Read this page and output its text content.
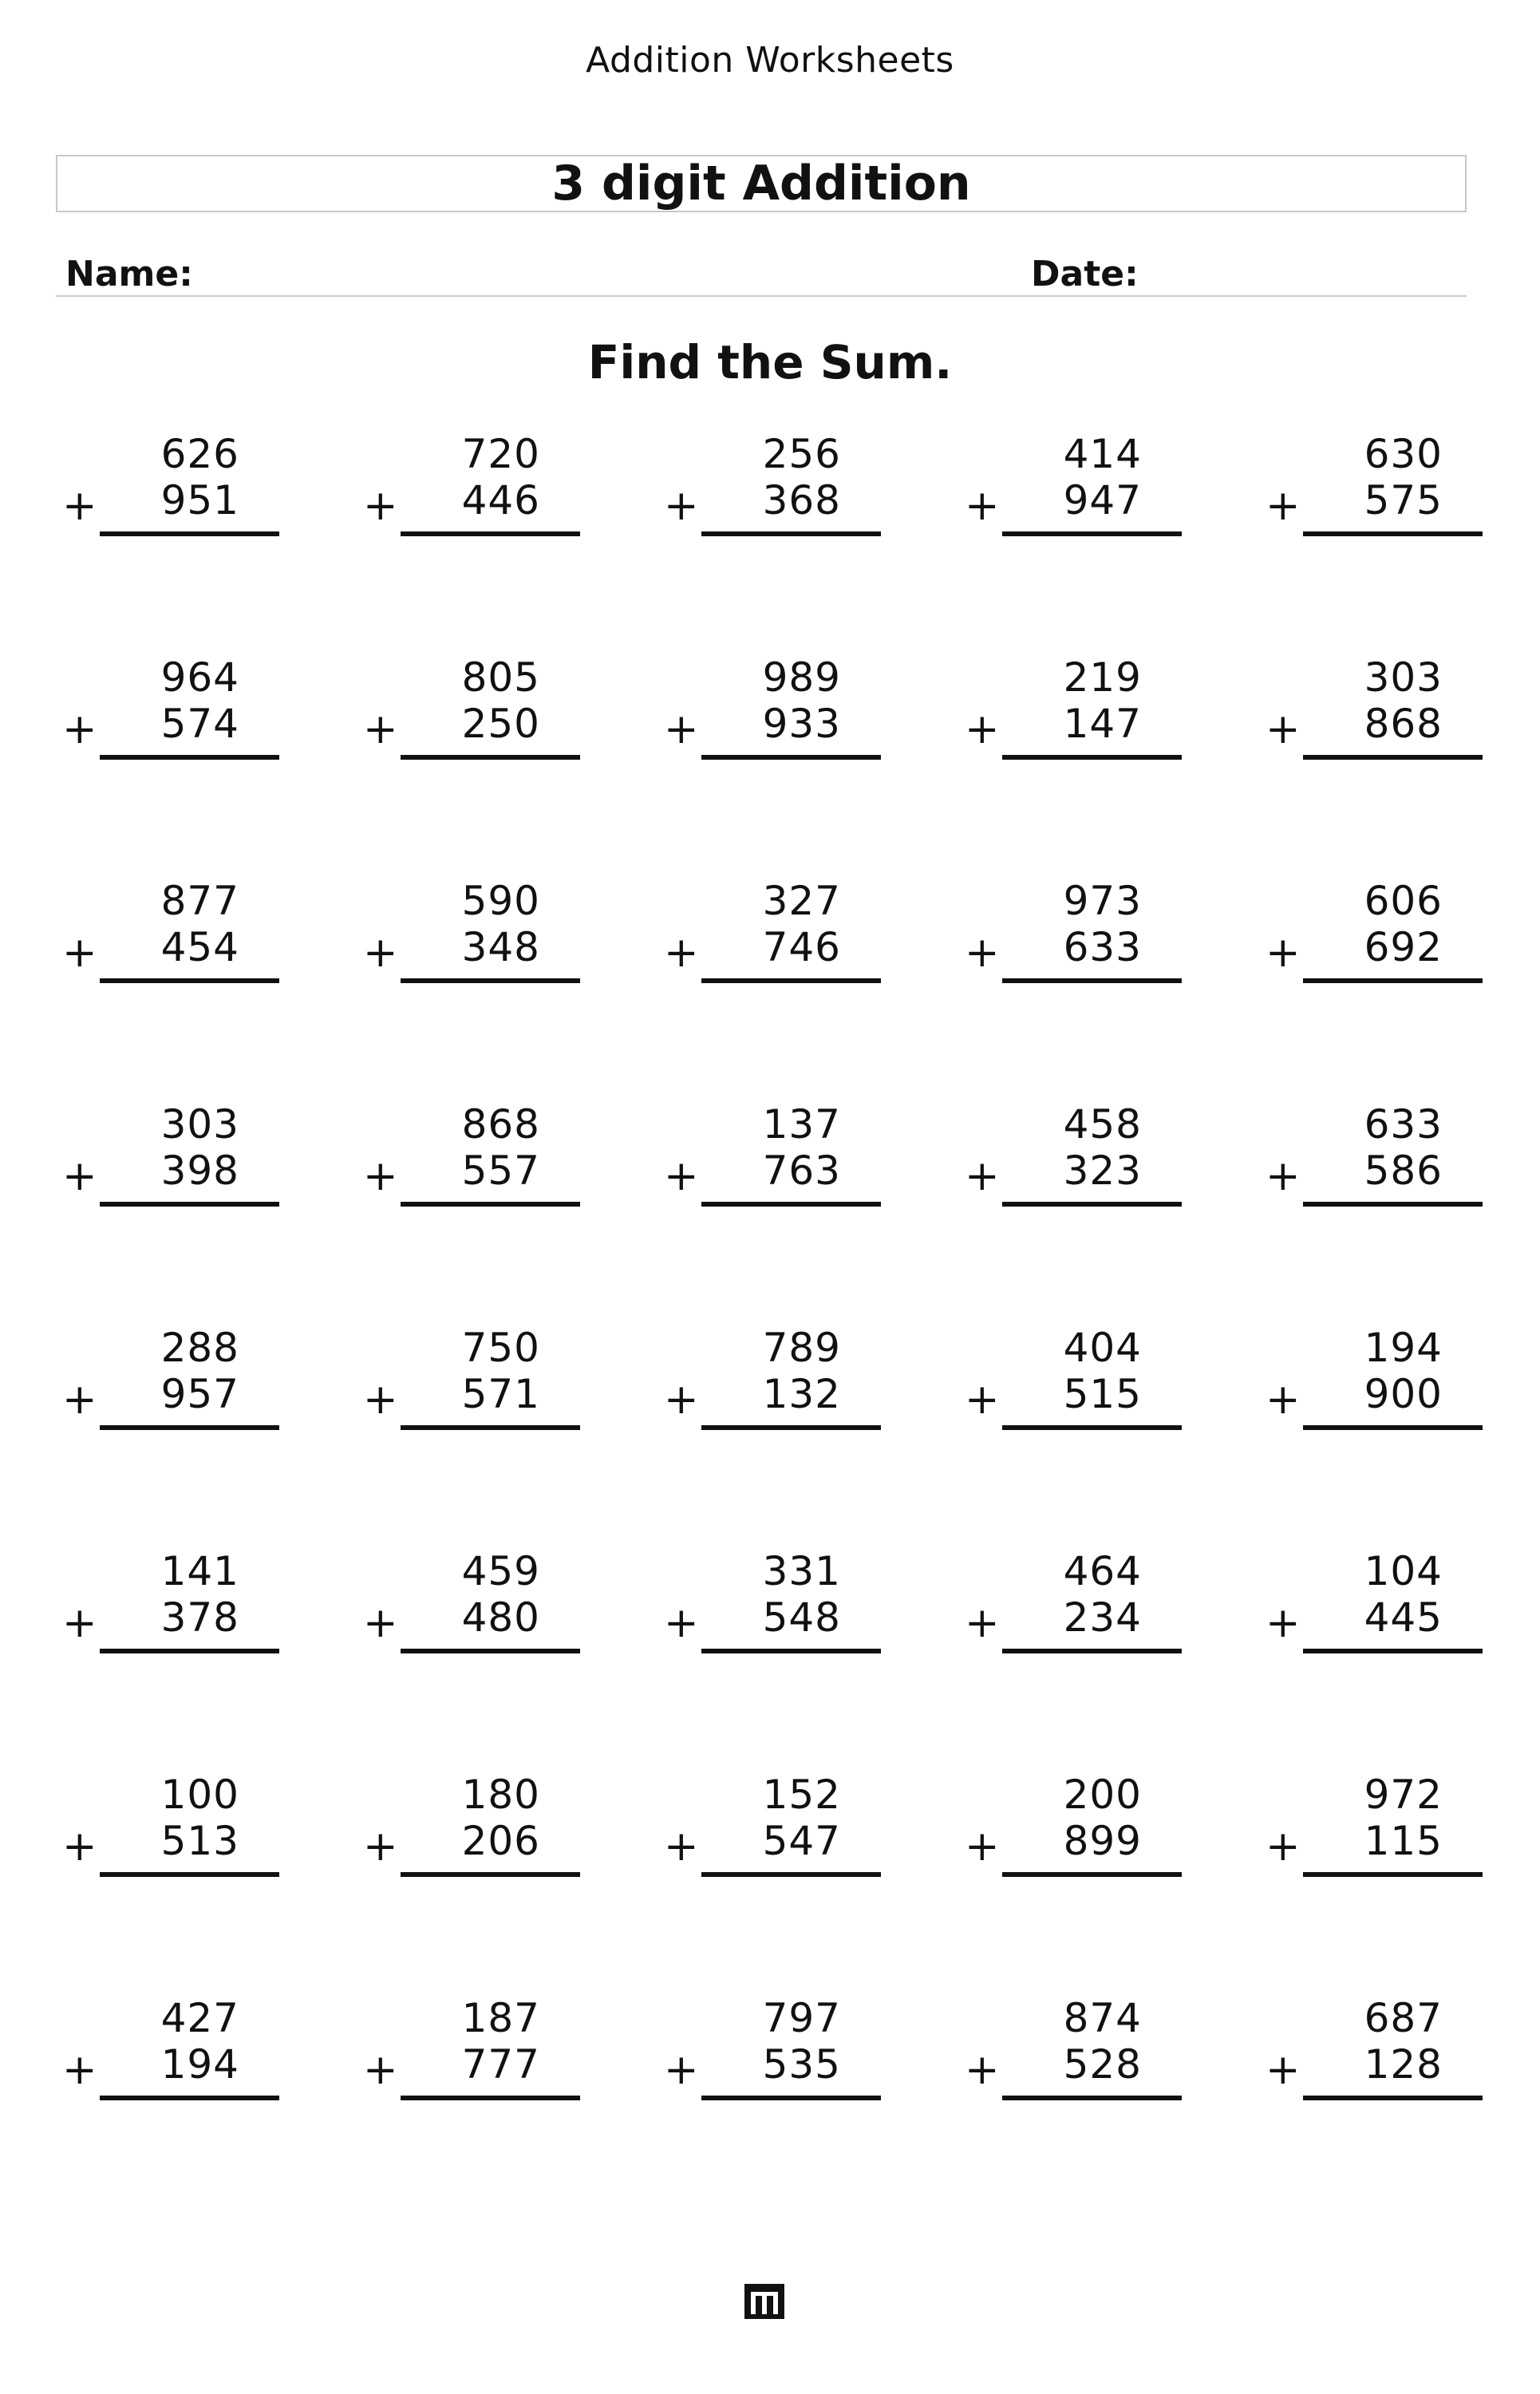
Addition Worksheets
3 digit Addition
Name:	Date:
Find the Sum.
626
951
+
720
446
+
256
368
+
414
947
+
630
575
+
964
574
+
805
250
+
989
933
+
219
147
+
303
868
+
877
454
+
590
348
+
327
746
+
973
633
+
606
692
+
303
398
+
868
557
+
137
763
+
458
323
+
633
586
+
288
957
+
750
571
+
789
132
+
404
515
+
194
900
+
141
378
+
459
480
+
331
548
+
464
234
+
104
445
+
100
513
+
180
206
+
152
547
+
200
899
+
972
115
+
427
194
+
187
777
+
797
535
+
874
528
+
687
128
+
